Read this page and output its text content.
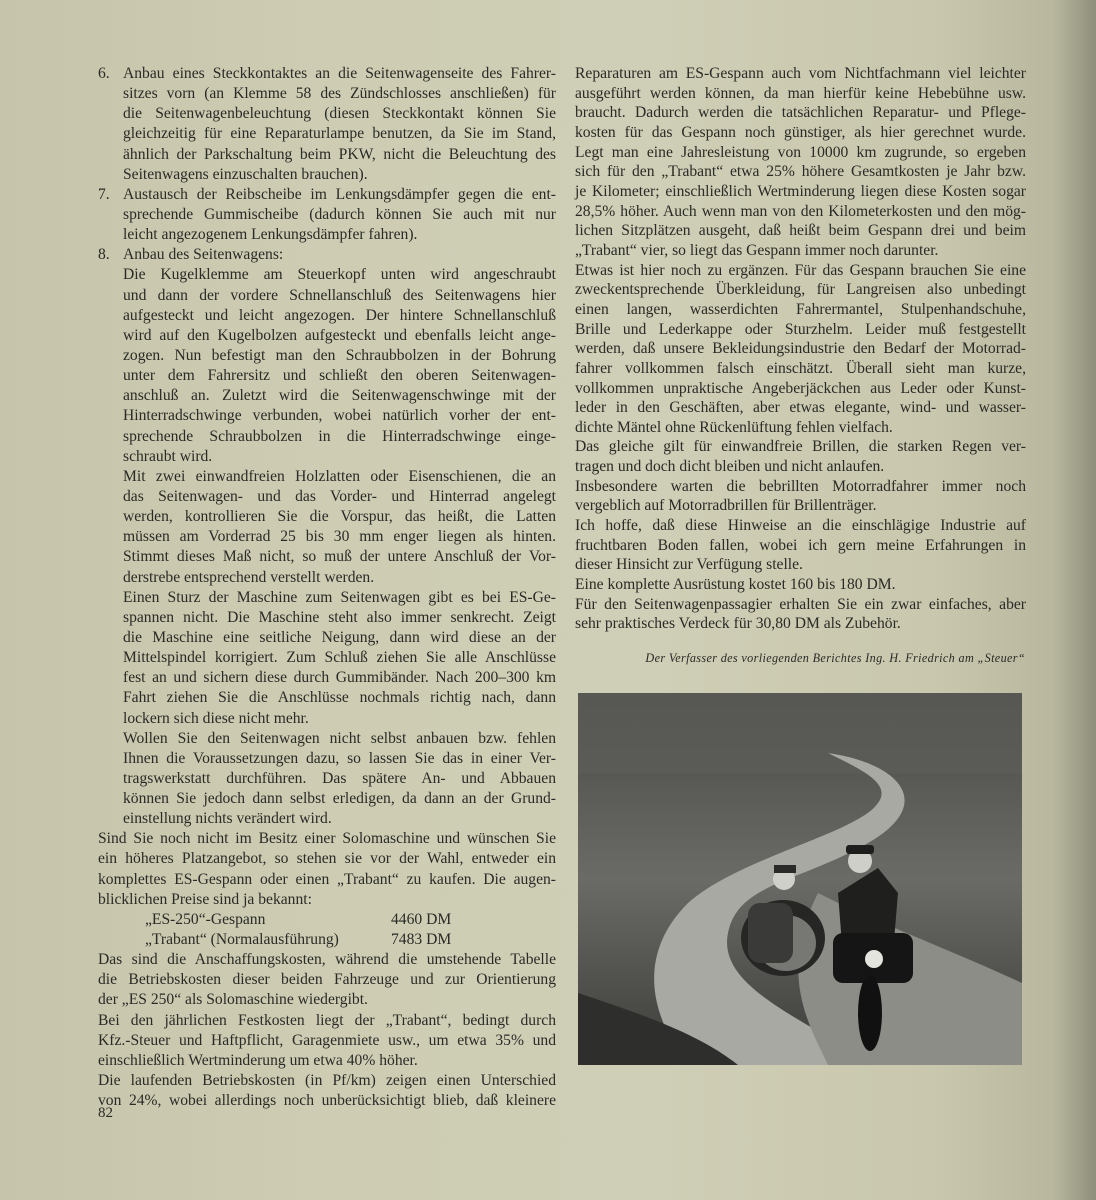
6. Anbau eines Steckkontaktes an die Seitenwagenseite des Fahrer-
sitzes vorn (an Klemme 58 des Zündschlosses anschließen) für
die Seitenwagenbeleuchtung (diesen Steckkontakt können Sie
gleichzeitig für eine Reparaturlampe benutzen, da Sie im Stand,
ähnlich der Parkschaltung beim PKW, nicht die Beleuchtung des
Seitenwagens einzuschalten brauchen).
7. Austausch der Reibscheibe im Lenkungsdämpfer gegen die ent-
sprechende Gummischeibe (dadurch können Sie auch mit nur
leicht angezogenem Lenkungsdämpfer fahren).
8. Anbau des Seitenwagens:
Die Kugelklemme am Steuerkopf unten wird angeschraubt
und dann der vordere Schnellanschluß des Seitenwagens hier
aufgesteckt und leicht angezogen. Der hintere Schnellanschluß
wird auf den Kugelbolzen aufgesteckt und ebenfalls leicht ange-
zogen. Nun befestigt man den Schraubbolzen in der Bohrung
unter dem Fahrersitz und schließt den oberen Seitenwagen-
anschluß an. Zuletzt wird die Seitenwagenschwinge mit der
Hinterradschwinge verbunden, wobei natürlich vorher der ent-
sprechende Schraubbolzen in die Hinterradschwinge einge-
schraubt wird.
Mit zwei einwandfreien Holzlatten oder Eisenschienen, die an
das Seitenwagen- und das Vorder- und Hinterrad angelegt
werden, kontrollieren Sie die Vorspur, das heißt, die Latten
müssen am Vorderrad 25 bis 30 mm enger liegen als hinten.
Stimmt dieses Maß nicht, so muß der untere Anschluß der Vor-
derstrebe entsprechend verstellt werden.
Einen Sturz der Maschine zum Seitenwagen gibt es bei ES-Ge-
spannen nicht. Die Maschine steht also immer senkrecht. Zeigt
die Maschine eine seitliche Neigung, dann wird diese an der
Mittelspindel korrigiert. Zum Schluß ziehen Sie alle Anschlüsse
fest an und sichern diese durch Gummibänder. Nach 200–300 km
Fahrt ziehen Sie die Anschlüsse nochmals richtig nach, dann
lockern sich diese nicht mehr.
Wollen Sie den Seitenwagen nicht selbst anbauen bzw. fehlen
Ihnen die Voraussetzungen dazu, so lassen Sie das in einer Ver-
tragswerkstatt durchführen. Das spätere An- und Abbauen
können Sie jedoch dann selbst erledigen, da dann an der Grund-
einstellung nichts verändert wird.
Sind Sie noch nicht im Besitz einer Solomaschine und wünschen Sie
ein höheres Platzangebot, so stehen sie vor der Wahl, entweder ein
komplettes ES-Gespann oder einen „Trabant“ zu kaufen. Die augen-
blicklichen Preise sind ja bekannt:
„ES-250“-Gespann	4460 DM
„Trabant“ (Normalausführung)	7483 DM
Das sind die Anschaffungskosten, während die umstehende Tabelle
die Betriebskosten dieser beiden Fahrzeuge und zur Orientierung
der „ES 250“ als Solomaschine wiedergibt.
Bei den jährlichen Festkosten liegt der „Trabant“, bedingt durch
Kfz.-Steuer und Haftpflicht, Garagenmiete usw., um etwa 35% und
einschließlich Wertminderung um etwa 40% höher.
Die laufenden Betriebskosten (in Pf/km) zeigen einen Unterschied
von 24%, wobei allerdings noch unberücksichtigt blieb, daß kleinere
Reparaturen am ES-Gespann auch vom Nichtfachmann viel leichter
ausgeführt werden können, da man hierfür keine Hebebühne usw.
braucht. Dadurch werden die tatsächlichen Reparatur- und Pflege-
kosten für das Gespann noch günstiger, als hier gerechnet wurde.
Legt man eine Jahresleistung von 10000 km zugrunde, so ergeben
sich für den „Trabant“ etwa 25% höhere Gesamtkosten je Jahr bzw.
je Kilometer; einschließlich Wertminderung liegen diese Kosten sogar
28,5% höher. Auch wenn man von den Kilometerkosten und den mög-
lichen Sitzplätzen ausgeht, daß heißt beim Gespann drei und beim
„Trabant“ vier, so liegt das Gespann immer noch darunter.
Etwas ist hier noch zu ergänzen. Für das Gespann brauchen Sie eine
zweckentsprechende Überkleidung, für Langreisen also unbedingt
einen langen, wasserdichten Fahrermantel, Stulpenhandschuhe,
Brille und Lederkappe oder Sturzhelm. Leider muß festgestellt
werden, daß unsere Bekleidungsindustrie den Bedarf der Motorrad-
fahrer vollkommen falsch einschätzt. Überall sieht man kurze,
vollkommen unpraktische Angeberjäckchen aus Leder oder Kunst-
leder in den Geschäften, aber etwas elegante, wind- und wasser-
dichte Mäntel ohne Rückenlüftung fehlen vielfach.
Das gleiche gilt für einwandfreie Brillen, die starken Regen ver-
tragen und doch dicht bleiben und nicht anlaufen.
Insbesondere warten die bebrillten Motorradfahrer immer noch
vergeblich auf Motorradbrillen für Brillenträger.
Ich hoffe, daß diese Hinweise an die einschlägige Industrie auf
fruchtbaren Boden fallen, wobei ich gern meine Erfahrungen in
dieser Hinsicht zur Verfügung stelle.
Eine komplette Ausrüstung kostet 160 bis 180 DM.
Für den Seitenwagenpassagier erhalten Sie ein zwar einfaches, aber
sehr praktisches Verdeck für 30,80 DM als Zubehör.
Der Verfasser des vorliegenden Berichtes Ing. H. Friedrich am „Steuer“
82
